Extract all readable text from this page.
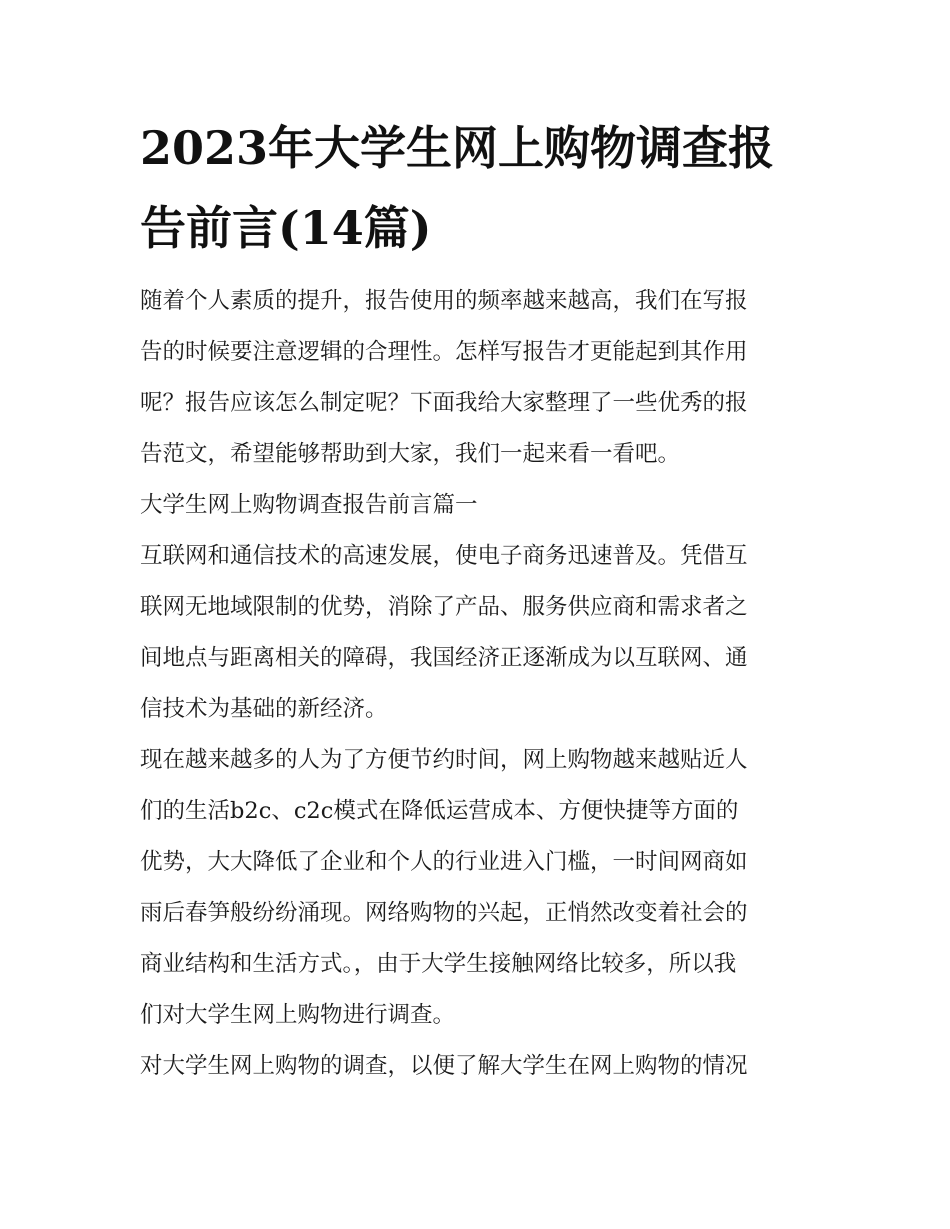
2023年大学生网上购物调查报
告前言(14篇)

随着个人素质的提升，报告使用的频率越来越高，我们在写报
告的时候要注意逻辑的合理性。怎样写报告才更能起到其作用
呢？报告应该怎么制定呢？下面我给大家整理了一些优秀的报
告范文，希望能够帮助到大家，我们一起来看一看吧。

大学生网上购物调查报告前言篇一

互联网和通信技术的高速发展，使电子商务迅速普及。凭借互
联网无地域限制的优势，消除了产品、服务供应商和需求者之
间地点与距离相关的障碍，我国经济正逐渐成为以互联网、通
信技术为基础的新经济。

现在越来越多的人为了方便节约时间，网上购物越来越贴近人
们的生活b2c、c2c模式在降低运营成本、方便快捷等方面的
优势，大大降低了企业和个人的行业进入门槛，一时间网商如
雨后春笋般纷纷涌现。网络购物的兴起，正悄然改变着社会的
商业结构和生活方式。，由于大学生接触网络比较多，所以我
们对大学生网上购物进行调查。

对大学生网上购物的调查，以便了解大学生在网上购物的情况
